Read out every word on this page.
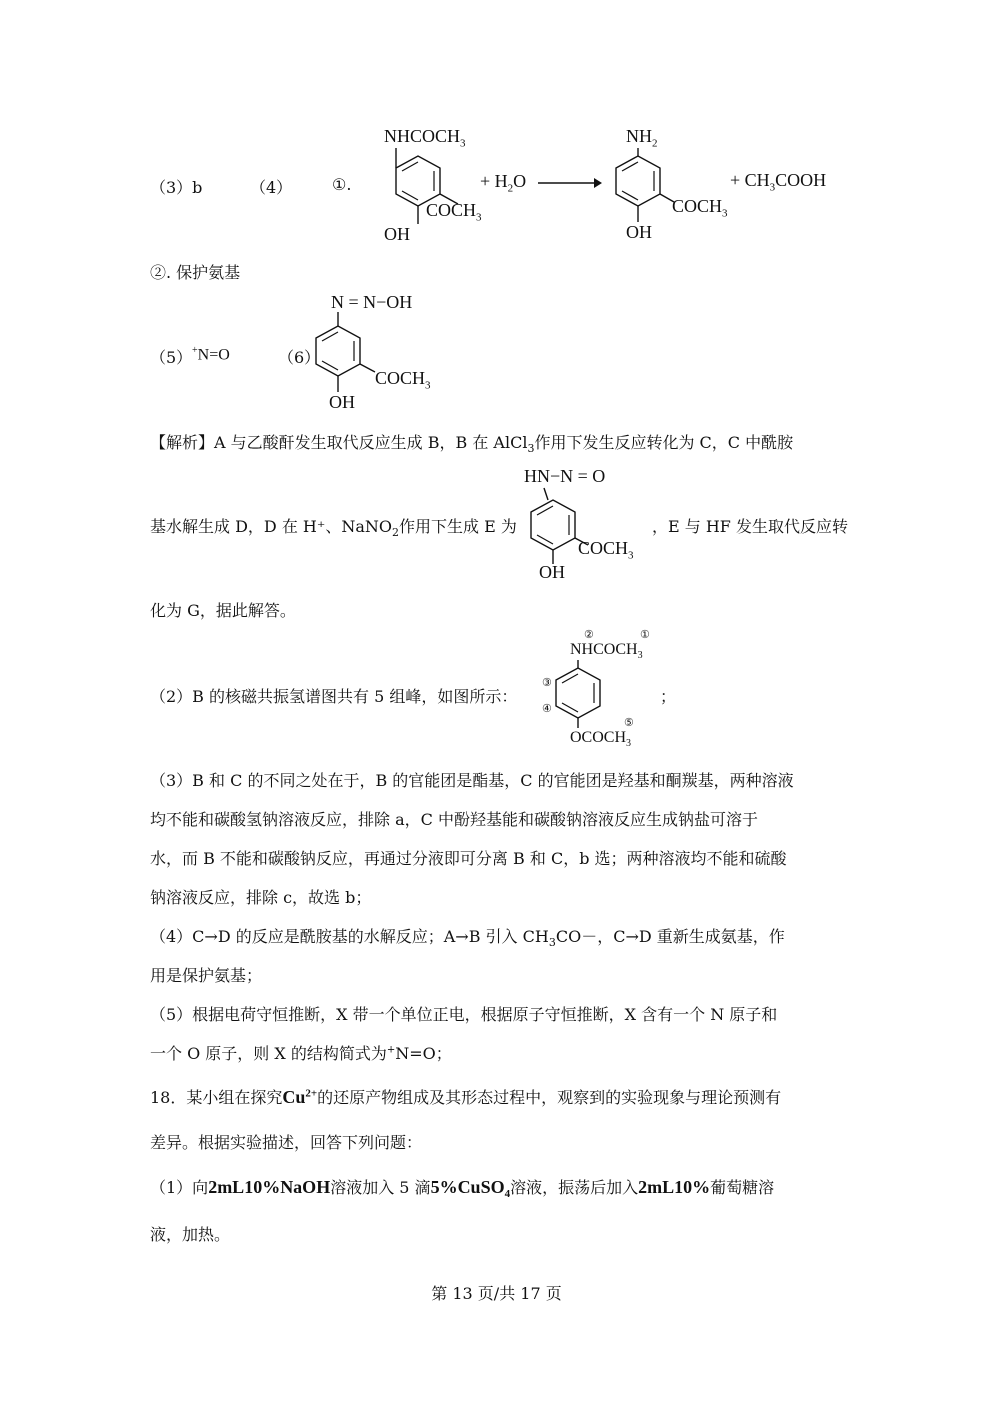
（3）b	（4） ①.
$NHCOCH_3$
$COCH_3$
OH
+ $H_2O$ →
$NH_2$
$COCH_3$
OH
+ $CH_3COOH$
②. 保护氨基
（5） +N=O	（6）
N = N−OH
$COCH_3$
OH
【解析】A 与乙酸酐发生取代反应生成 B，B 在 AlCl$_3$作用下发生反应转化为 C，C 中酰胺
基水解生成 D，D 在 H⁺、NaNO$_2$作用下生成 E 为	，E 与 HF 发生取代反应转
HN−N = O
$COCH_3$
OH
化为 G，据此解答。
（2）B 的核磁共振氢谱图共有 5 组峰，如图所示：	；
②	①
$NHCOCH_3$
③
④
⑤
$OCOCH_3$
（3）B 和 C 的不同之处在于，B 的官能团是酯基，C 的官能团是羟基和酮羰基，两种溶液
均不能和碳酸氢钠溶液反应，排除 a，C 中酚羟基能和碳酸钠溶液反应生成钠盐可溶于
水，而 B 不能和碳酸钠反应，再通过分液即可分离 B 和 C，b 选；两种溶液均不能和硫酸
钠溶液反应，排除 c，故选 b；
（4）C→D 的反应是酰胺基的水解反应；A→B 引入 $CH_3CO-$，C→D 重新生成氨基，作
用是保护氨基；
（5）根据电荷守恒推断，X 带一个单位正电，根据原子守恒推断，X 含有一个 N 原子和
一个 O 原子，则 X 的结构简式为+N=O；
18．某小组在探究$Cu^{2+}$的还原产物组成及其形态过程中，观察到的实验现象与理论预测有
差异。根据实验描述，回答下列问题：
（1）向2mL10%NaOH溶液加入 5 滴5%CuSO$_4$溶液，振荡后加入2mL10%葡萄糖溶
液，加热。
第 13 页/共 17 页
